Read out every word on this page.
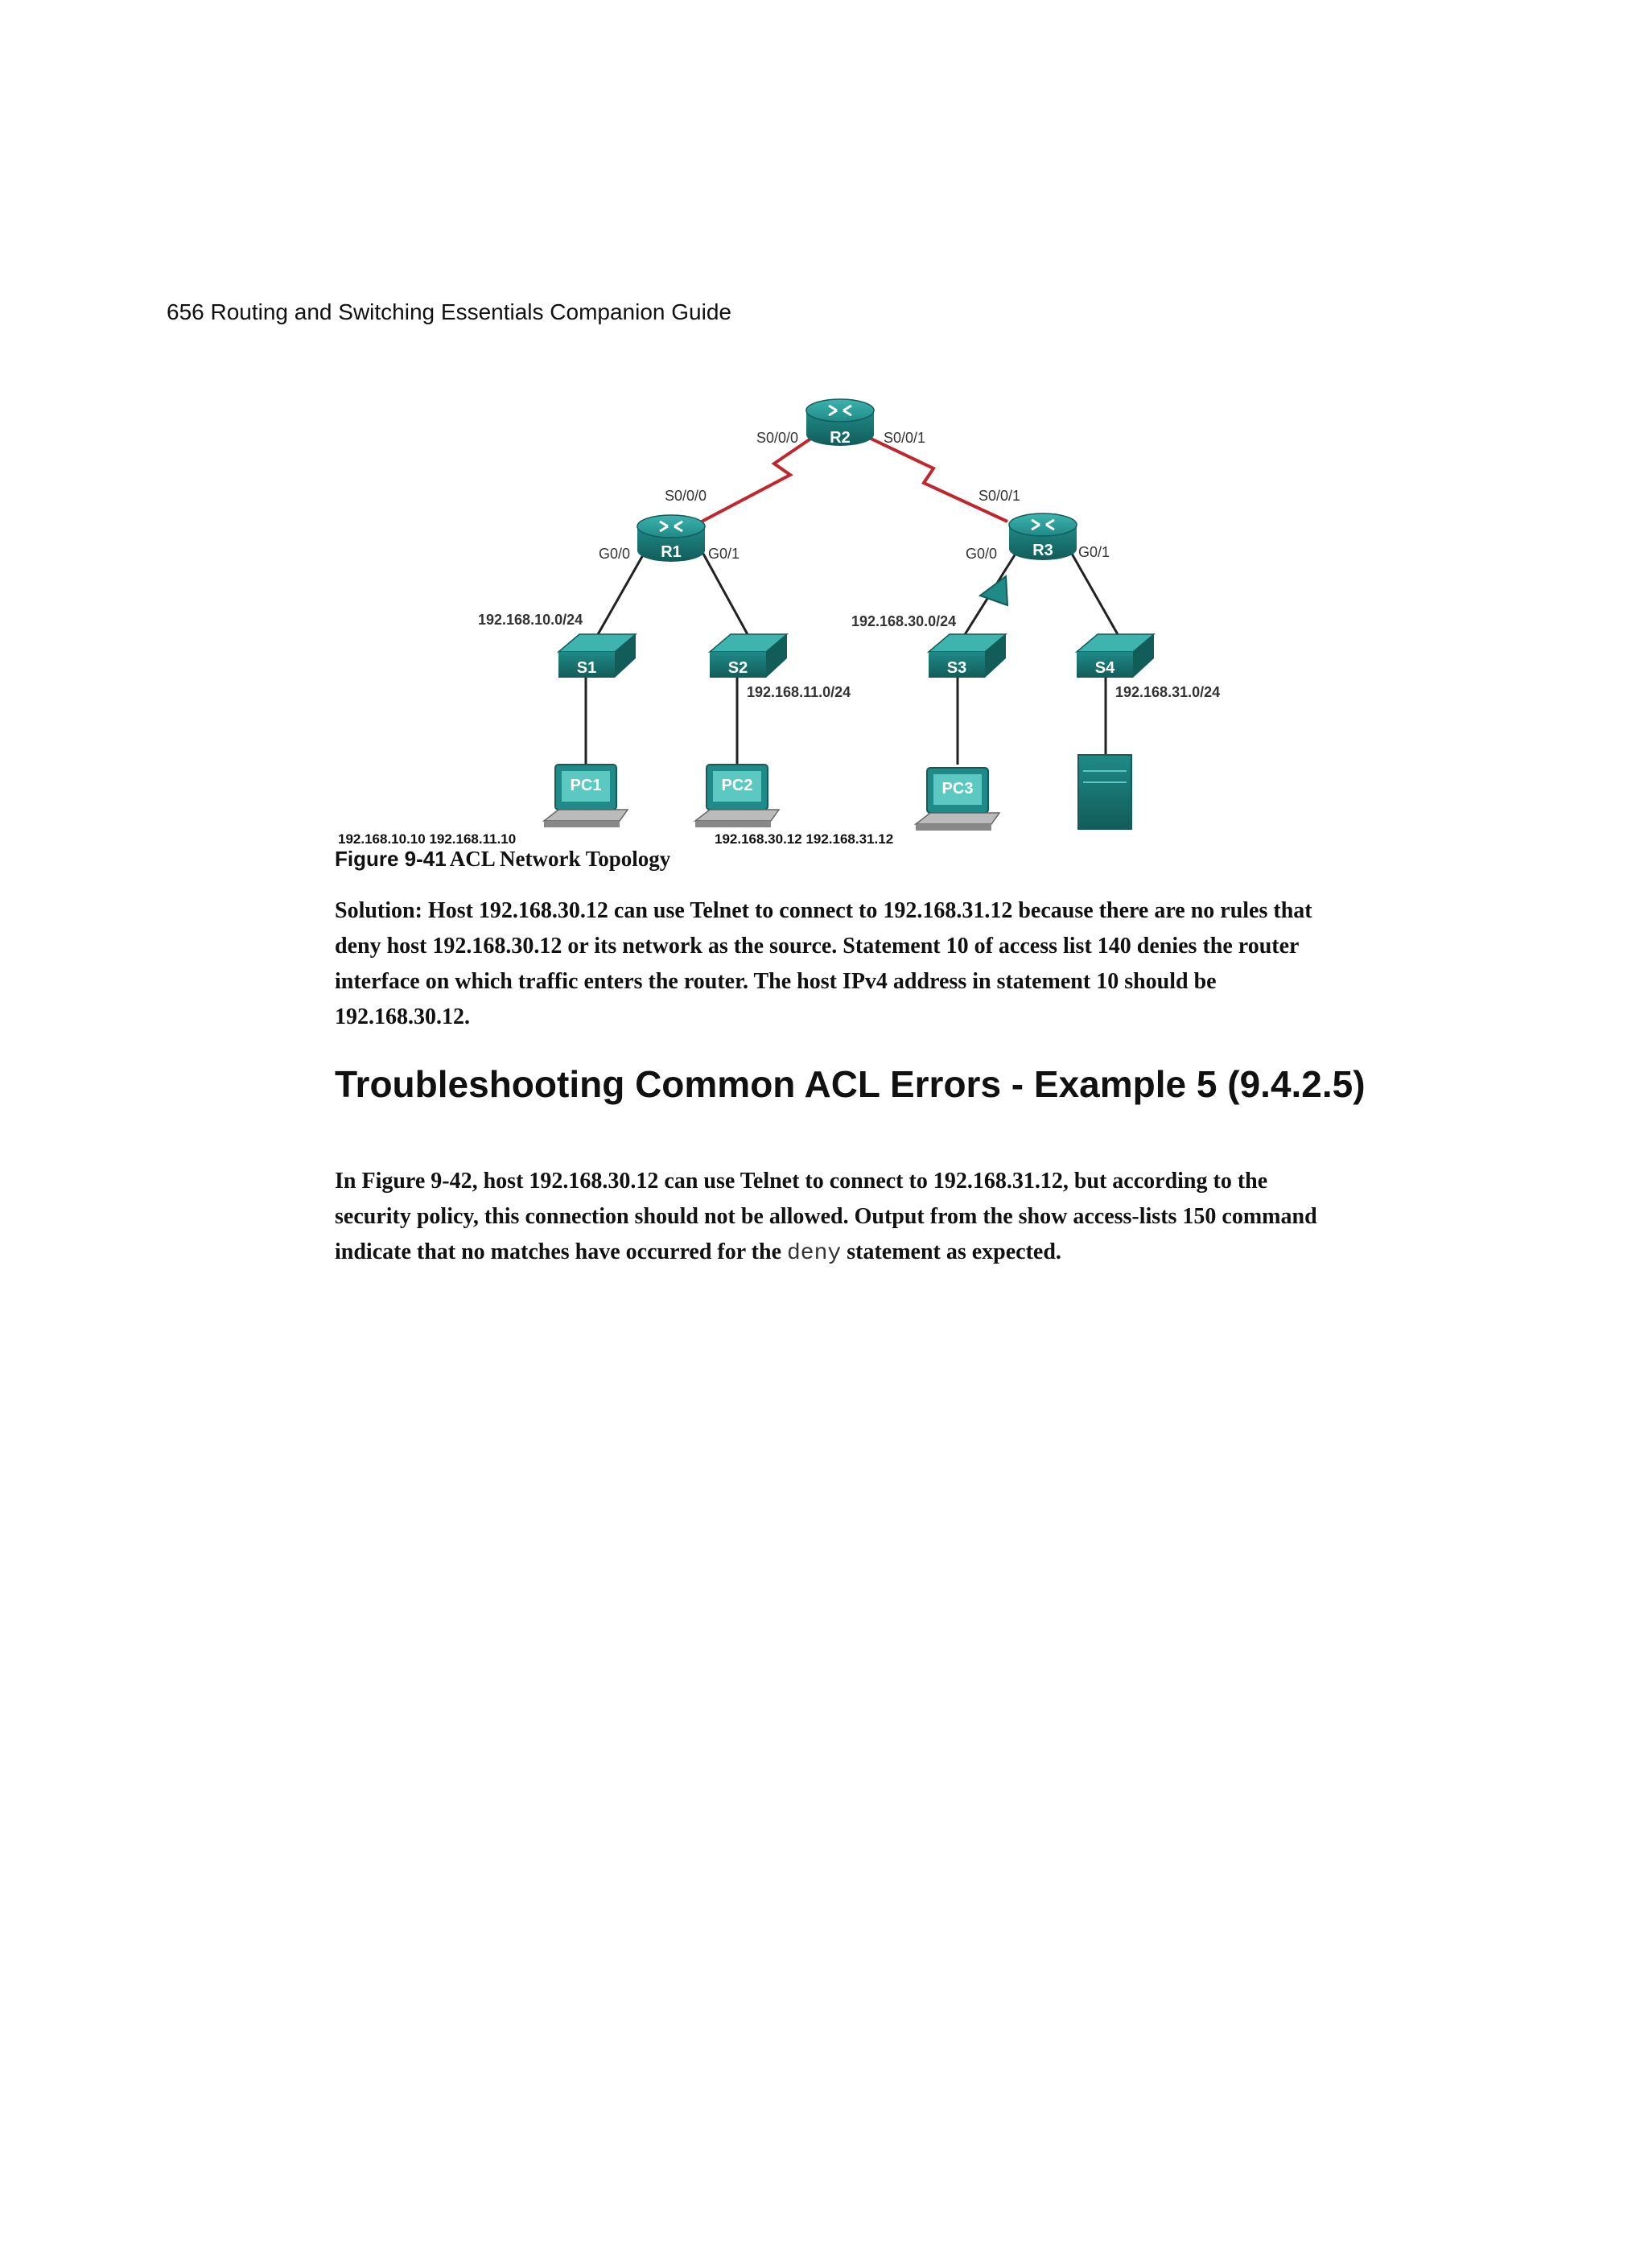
656 Routing and Switching Essentials Companion Guide
R2
R1	R3
S1	S2	S3	S4
PC1	PC2	PC3
S0/0/0	S0/0/1
S0/0/0
G0/0	G0/1
S0/0/1
G0/0	G0/1
192.168.10.0/24
192.168.11.0/24
192.168.30.0/24
192.168.31.0/24
192.168.10.10 192.168.11.10	192.168.30.12 192.168.31.12
Figure 9-41 ACL Network Topology

Solution: Host 192.168.30.12 can use Telnet to connect to 192.168.31.12 because there are no rules that deny host 192.168.30.12 or its network as the source. Statement 10 of access list 140 denies the router interface on which traffic enters the router. The host IPv4 address in statement 10 should be 192.168.30.12.

Troubleshooting Common ACL Errors - Example 5 (9.4.2.5)

In Figure 9-42, host 192.168.30.12 can use Telnet to connect to 192.168.31.12, but according to the security policy, this connection should not be allowed. Output from the show access-lists 150 command indicate that no matches have occurred for the deny statement as expected.
